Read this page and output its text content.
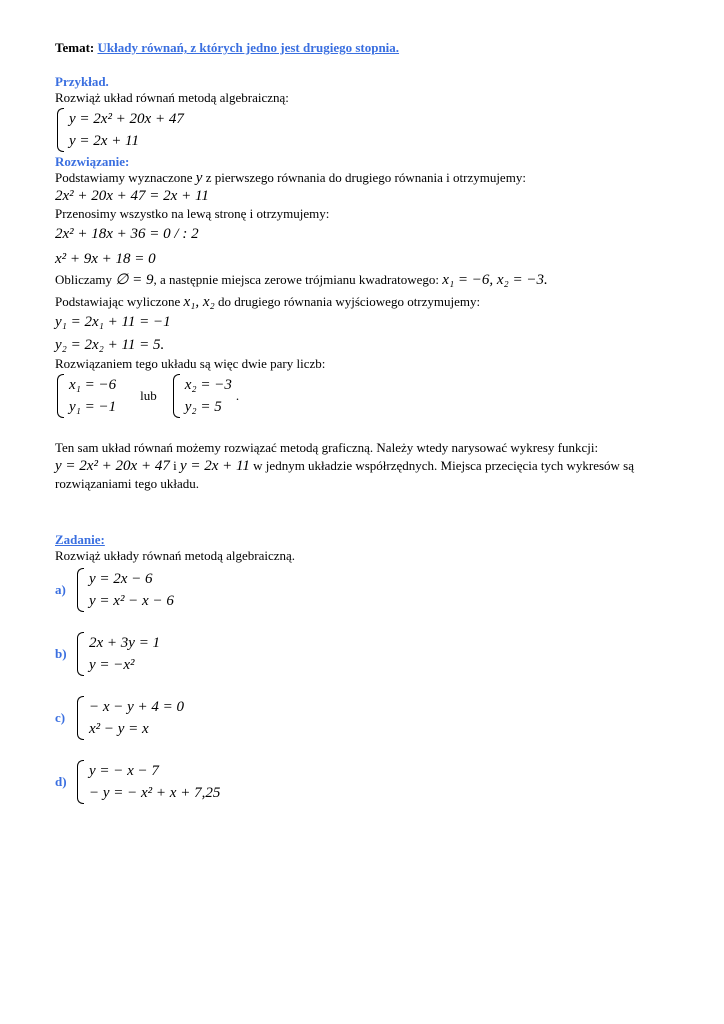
Temat: Układy równań, z których jedno jest drugiego stopnia.
Przykład.
Rozwiąż układ równań metodą algebraiczną:
y = 2x² + 20x + 47
y = 2x + 11
Rozwiązanie:
Podstawiamy wyznaczone y z pierwszego równania do drugiego równania i otrzymujemy:
2x² + 20x + 47 = 2x + 11
Przenosimy wszystko na lewą stronę i otrzymujemy:
2x² + 18x + 36 = 0 / : 2
x² + 9x + 18 = 0
Obliczamy ∅ = 9, a następnie miejsca zerowe trójmianu kwadratowego: x₁ = −6, x₂ = −3.
Podstawiając wyliczone x₁, x₂ do drugiego równania wyjściowego otrzymujemy:
y₁ = 2x₁ + 11 = −1
y₂ = 2x₂ + 11 = 5.
Rozwiązaniem tego układu są więc dwie pary liczb:
x₁ = −6
y₁ = −1
lub
x₂ = −3
y₂ = 5
.
Ten sam układ równań możemy rozwiązać metodą graficzną. Należy wtedy narysować wykresy funkcji:
y = 2x² + 20x + 47 i y = 2x + 11 w jednym układzie współrzędnych. Miejsca przecięcia tych wykresów są
rozwiązaniami tego układu.
Zadanie:
Rozwiąż układy równań metodą algebraiczną.
a)
y = 2x − 6
y = x² − x − 6
b)
2x + 3y = 1
y = −x²
c)
− x − y + 4 = 0
x² − y = x
d)
y = − x − 7
− y = − x² + x + 7,25
